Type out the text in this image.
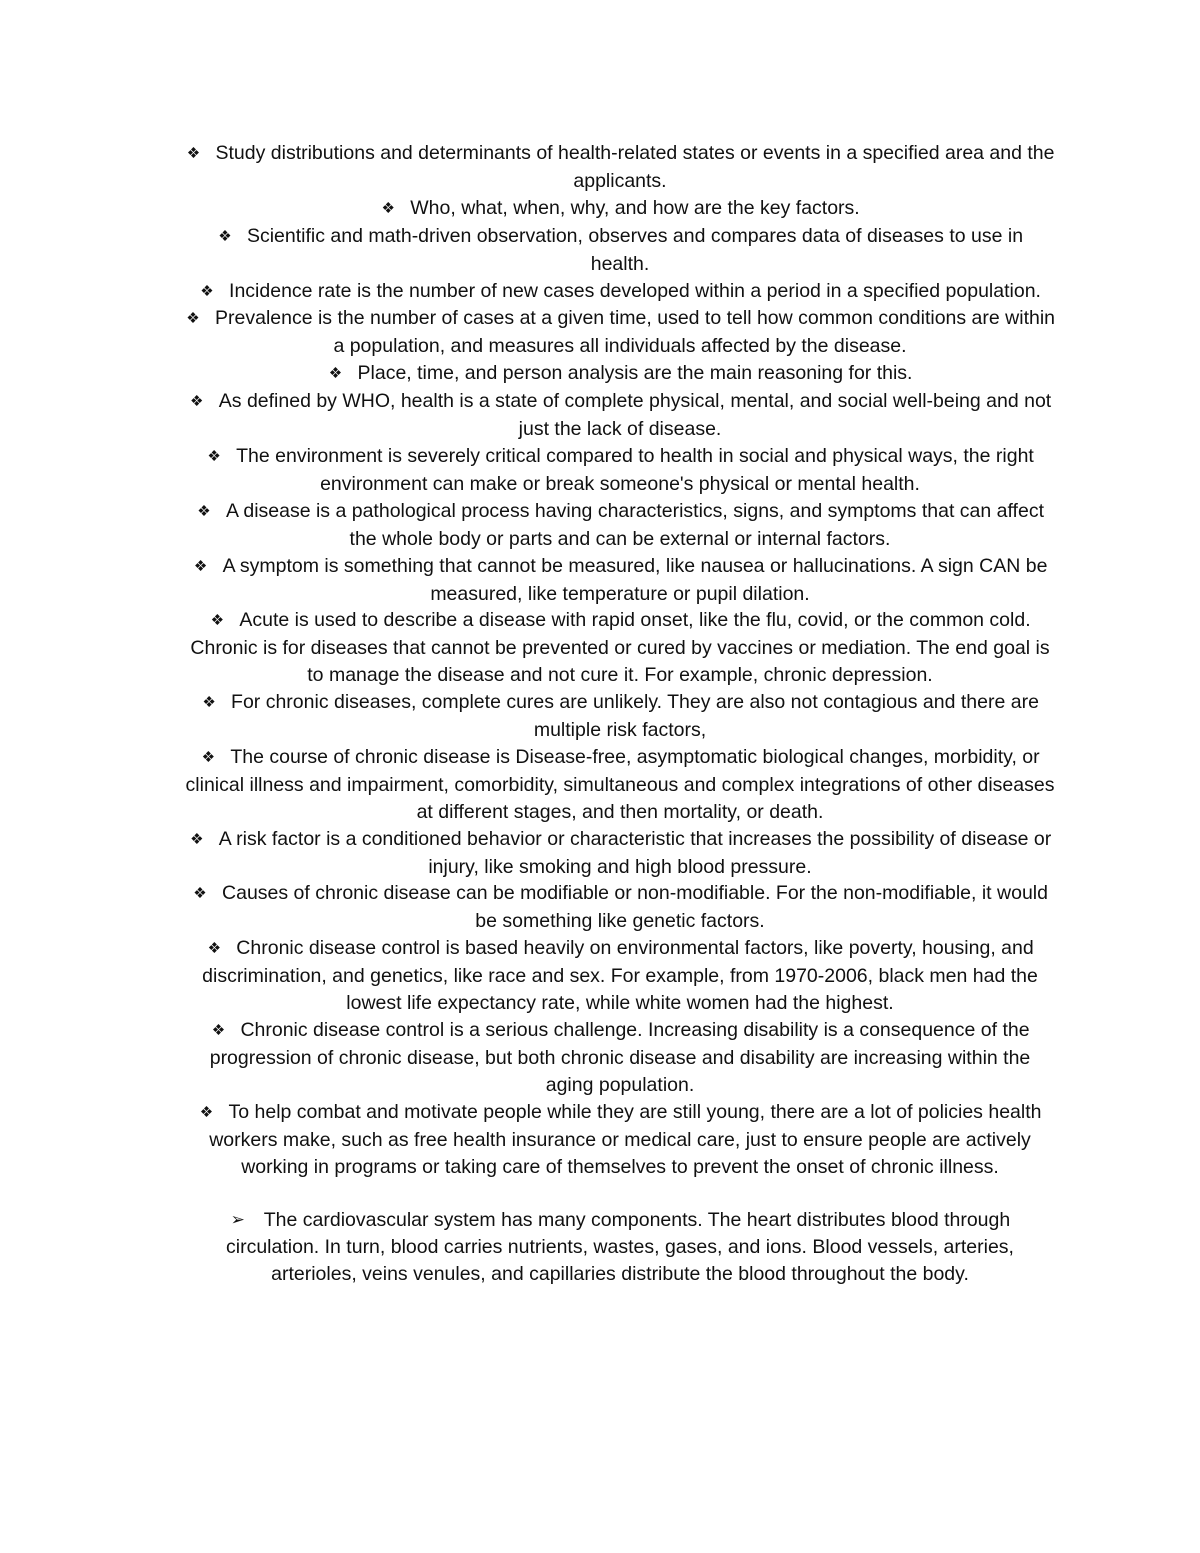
❖ Study distributions and determinants of health-related states or events in a specified area and the applicants.

❖ Who, what, when, why, and how are the key factors.

❖ Scientific and math-driven observation, observes and compares data of diseases to use in health.

❖ Incidence rate is the number of new cases developed within a period in a specified population.

❖ Prevalence is the number of cases at a given time, used to tell how common conditions are within a population, and measures all individuals affected by the disease.

❖ Place, time, and person analysis are the main reasoning for this.

❖ As defined by WHO, health is a state of complete physical, mental, and social well-being and not just the lack of disease.

❖ The environment is severely critical compared to health in social and physical ways, the right environment can make or break someone's physical or mental health.

❖ A disease is a pathological process having characteristics, signs, and symptoms that can affect the whole body or parts and can be external or internal factors.

❖ A symptom is something that cannot be measured, like nausea or hallucinations. A sign CAN be measured, like temperature or pupil dilation.

❖ Acute is used to describe a disease with rapid onset, like the flu, covid, or the common cold. Chronic is for diseases that cannot be prevented or cured by vaccines or mediation. The end goal is to manage the disease and not cure it. For example, chronic depression.

❖ For chronic diseases, complete cures are unlikely. They are also not contagious and there are multiple risk factors,

❖ The course of chronic disease is Disease-free, asymptomatic biological changes, morbidity, or clinical illness and impairment, comorbidity, simultaneous and complex integrations of other diseases at different stages, and then mortality, or death.

❖ A risk factor is a conditioned behavior or characteristic that increases the possibility of disease or injury, like smoking and high blood pressure.

❖ Causes of chronic disease can be modifiable or non-modifiable. For the non-modifiable, it would be something like genetic factors.

❖ Chronic disease control is based heavily on environmental factors, like poverty, housing, and discrimination, and genetics, like race and sex. For example, from 1970-2006, black men had the lowest life expectancy rate, while white women had the highest.

❖ Chronic disease control is a serious challenge. Increasing disability is a consequence of the progression of chronic disease, but both chronic disease and disability are increasing within the aging population.

❖ To help combat and motivate people while they are still young, there are a lot of policies health workers make, such as free health insurance or medical care, just to ensure people are actively working in programs or taking care of themselves to prevent the onset of chronic illness.

➢ The cardiovascular system has many components. The heart distributes blood through circulation. In turn, blood carries nutrients, wastes, gases, and ions. Blood vessels, arteries, arterioles, veins venules, and capillaries distribute the blood throughout the body.
